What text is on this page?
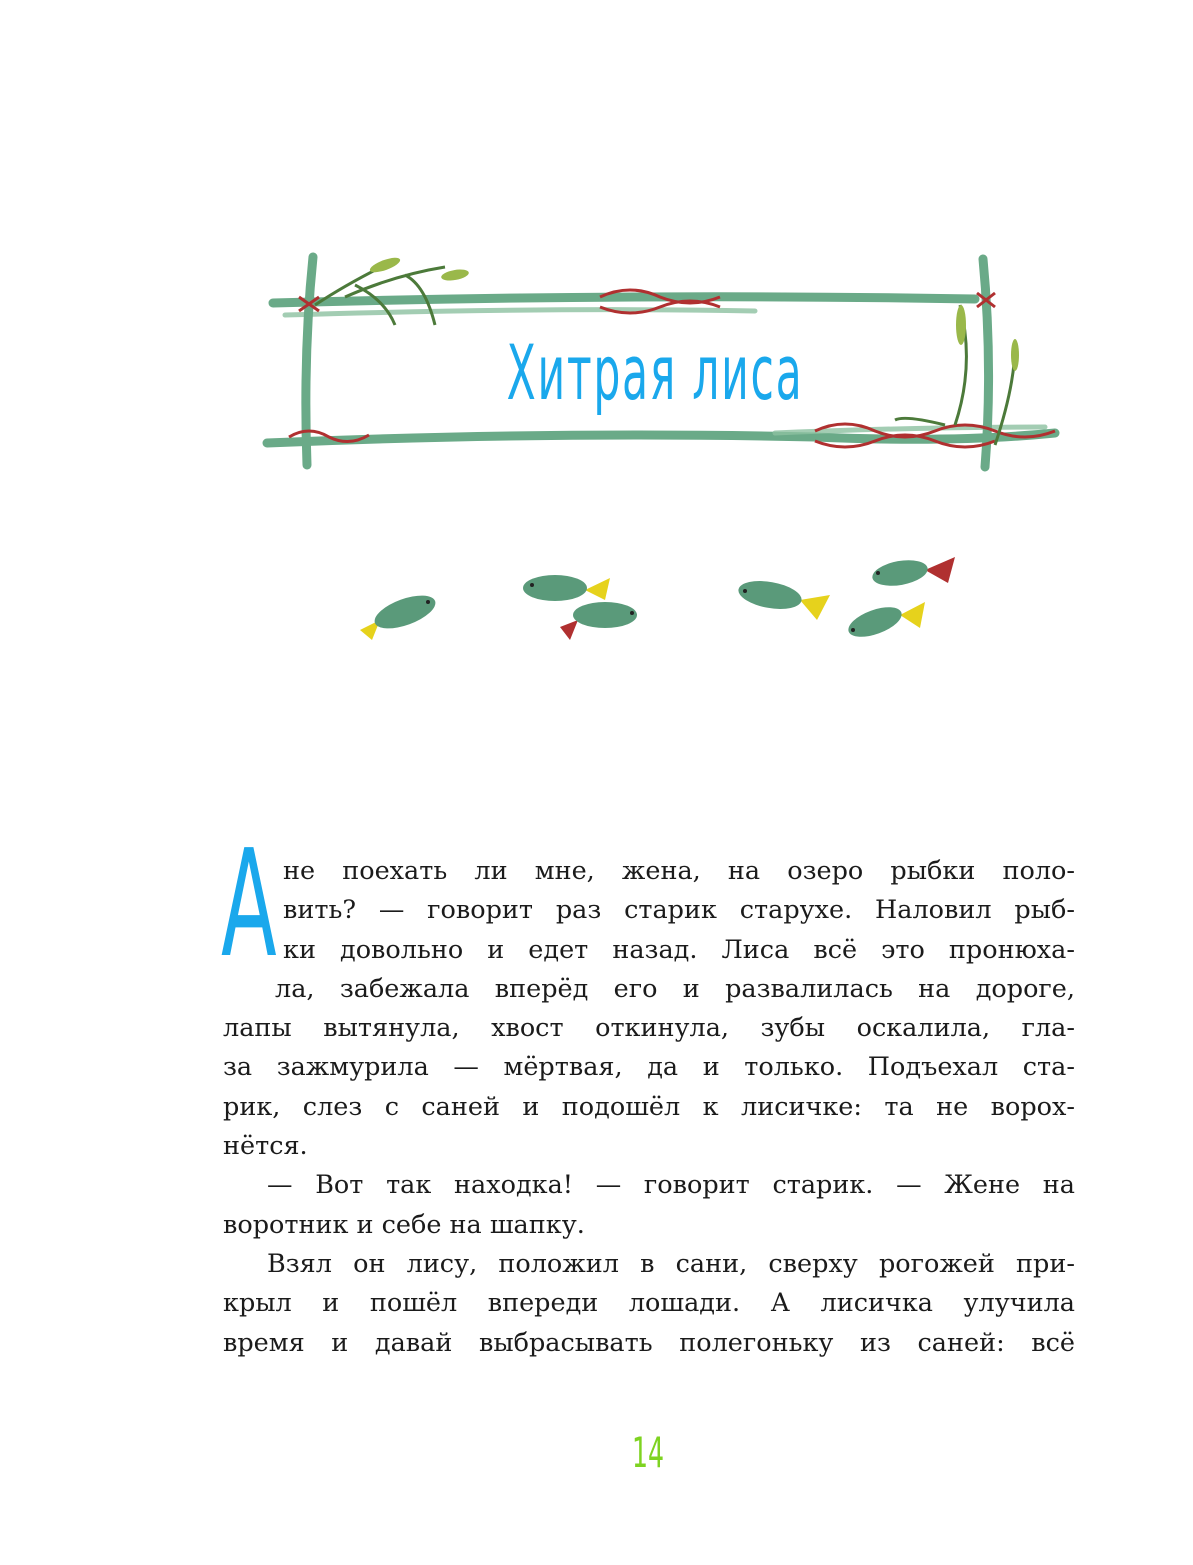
Хитрая лиса
А не поехать ли мне, жена, на озеро рыбки поло-
вить? — говорит раз старик старухе. Наловил рыб-
ки довольно и едет назад. Лиса всё это пронюха-
ла, забежала вперёд его и развалилась на дороге,
лапы вытянула, хвост откинула, зубы оскалила, гла-
за зажмурила — мёртвая, да и только. Подъехал ста-
рик, слез с саней и подошёл к лисичке: та не ворох-
нётся.
— Вот так находка! — говорит старик. — Жене на
воротник и себе на шапку.
Взял он лису, положил в сани, сверху рогожей при-
крыл и пошёл впереди лошади. А лисичка улучила
время и давай выбрасывать полегоньку из саней: всё
14
